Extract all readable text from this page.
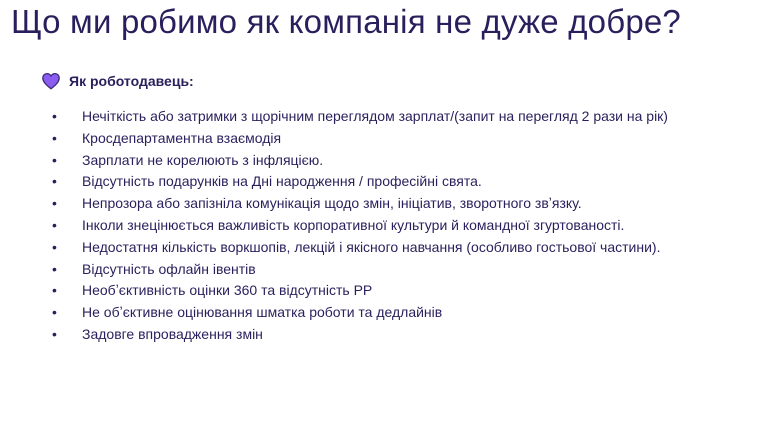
Що ми робимо як компанія не дуже добре?
Як роботодавець:
• Нечіткість або затримки з щорічним переглядом зарплат/(запит на перегляд 2 рази на рік)
• Кросдепартаментна взаємодія
• Зарплати не корелюють з інфляцією.
• Відсутність подарунків на Дні народження / професійні свята.
• Непрозора або запізніла комунікація щодо змін, ініціатив, зворотного звʼязку.
• Інколи знецінюється важливість корпоративної культури й командної згуртованості.
• Недостатня кількість воркшопів, лекцій і якісного навчання (особливо гостьової частини).
• Відсутність офлайн івентів
• Необʼєктивність оцінки 360 та відсутність PP
• Не обʼєктивне оцінювання шматка роботи та дедлайнів
• Задовге впровадження змін
